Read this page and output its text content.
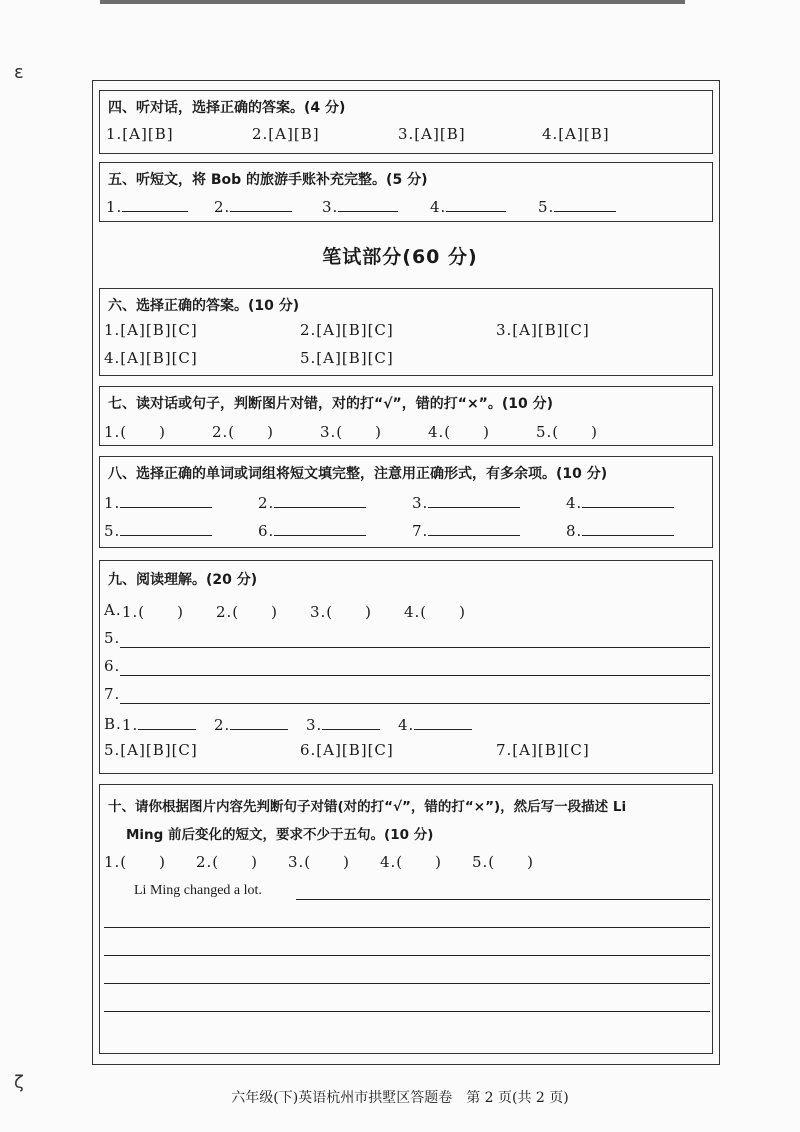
ε
ζ
四、听对话，选择正确的答案。(4 分)
1.[A][B]	2.[A][B]	3.[A][B]	4.[A][B]
五、听短文，将 Bob 的旅游手账补充完整。(5 分)
1.	2.	3.	4.	5.
笔试部分(60 分)
六、选择正确的答案。(10 分)
1.[A][B][C]	2.[A][B][C]	3.[A][B][C]
4.[A][B][C]	5.[A][B][C]
七、读对话或句子，判断图片对错，对的打“√”，错的打“×”。(10 分)
1.(　　)	2.(　　)	3.(　　)	4.(　　)	5.(　　)
八、选择正确的单词或词组将短文填完整，注意用正确形式，有多余项。(10 分)
1.	2.	3.	4.
5.	6.	7.	8.
九、阅读理解。(20 分)
A. 1.(　　) 2.(　　) 3.(　　) 4.(　　)
5.
6.
7.
B. 1.	2.	3.	4.
5.[A][B][C]	6.[A][B][C]	7.[A][B][C]
十、请你根据图片内容先判断句子对错(对的打“√”，错的打“×”)，然后写一段描述 Li
Ming 前后变化的短文，要求不少于五句。(10 分)
1.(　　) 2.(　　) 3.(　　) 4.(　　) 5.(　　)
Li Ming changed a lot.
六年级(下)英语杭州市拱墅区答题卷　第 2 页(共 2 页)
